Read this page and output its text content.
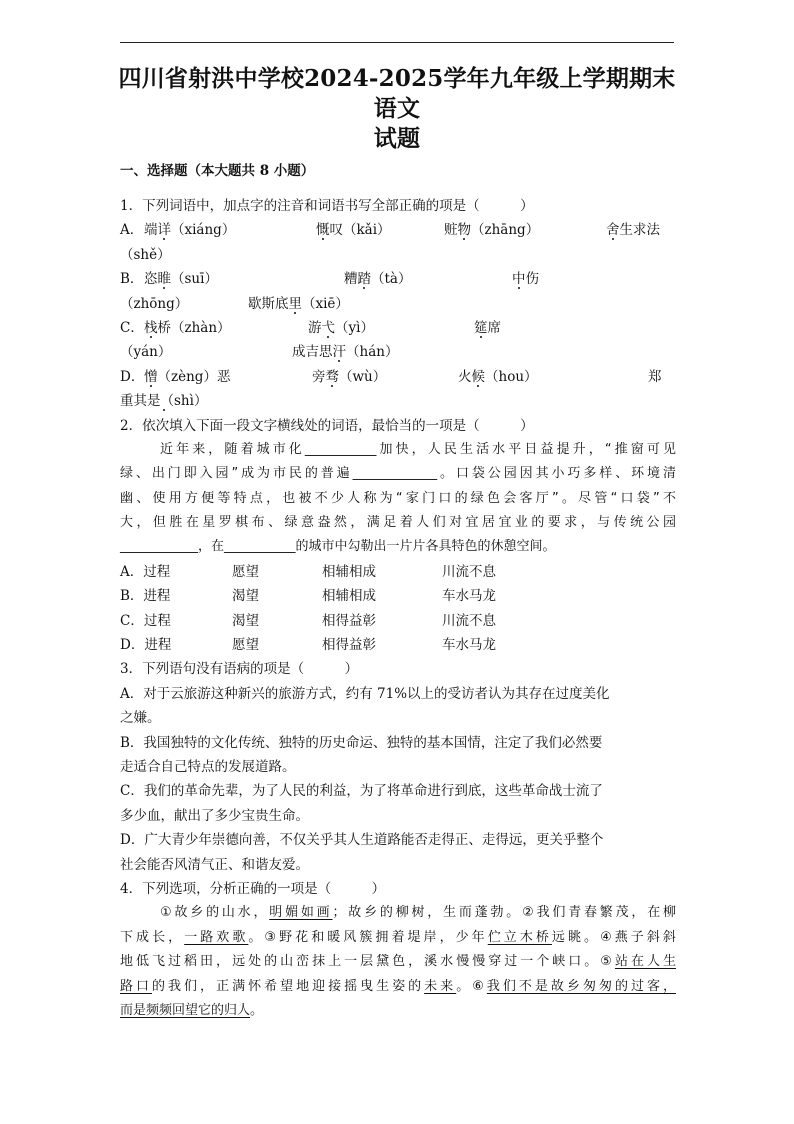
四川省射洪中学校2024-2025学年九年级上学期期末语文
试题
一、选择题（本大题共 8 小题）
1．下列词语中，加点字的注音和词语书写全部正确的项是（　　　）
A． 端详（xiáng）	慨叹（kǎi）	赃物（zhāng）	舍生求法
（shě）
B． 恣睢（suī）	糟踏（tà）	中伤
（zhōng）	歇斯底里（xiē）
C． 栈桥（zhàn）	游弋（yì）	筵席
（yán）	成吉思汗（hán）
D． 憎（zèng）恶	旁骛（wù）	火候（hou）	郑
重其是（shì）
2．依次填入下面一段文字横线处的词语，最恰当的一项是（　　　）
近年来，随着城市化___________加快，人民生活水平日益提升，“推窗可见
绿、出门即入园”成为市民的普遍_____________。口袋公园因其小巧多样、环境清
幽、使用方便等特点，也被不少人称为“家门口的绿色会客厅”。尽管“口袋”不
大，但胜在星罗棋布、绿意盎然，满足着人们对宜居宜业的要求，与传统公园
____________，在___________的城市中勾勒出一片片各具特色的休憩空间。
A．过程	愿望	相辅相成	川流不息
B．进程	渴望	相辅相成	车水马龙
C．过程	渴望	相得益彰	川流不息
D．进程	愿望	相得益彰	车水马龙
3．下列语句没有语病的项是（　　　）
A．对于云旅游这种新兴的旅游方式，约有 71%以上的受访者认为其存在过度美化
之嫌。
B．我国独特的文化传统、独特的历史命运、独特的基本国情，注定了我们必然要
走适合自己特点的发展道路。
C．我们的革命先辈，为了人民的利益，为了将革命进行到底，这些革命战士流了
多少血，献出了多少宝贵生命。
D．广大青少年崇德向善，不仅关乎其人生道路能否走得正、走得远，更关乎整个
社会能否风清气正、和谐友爱。
4．下列选项，分析正确的一项是（　　　）
①故乡的山水，明媚如画；故乡的柳树，生而蓬勃。②我们青春繁茂，在柳
下成长，一路欢歌。③野花和暖风簇拥着堤岸，少年伫立木桥远眺。④燕子斜斜
地低飞过稻田，远处的山峦抹上一层黛色，溪水慢慢穿过一个峡口。⑤站在人生
路口的我们，正满怀希望地迎接摇曳生姿的未来。⑥我们不是故乡匆匆的过客，
而是频频回望它的归人。
